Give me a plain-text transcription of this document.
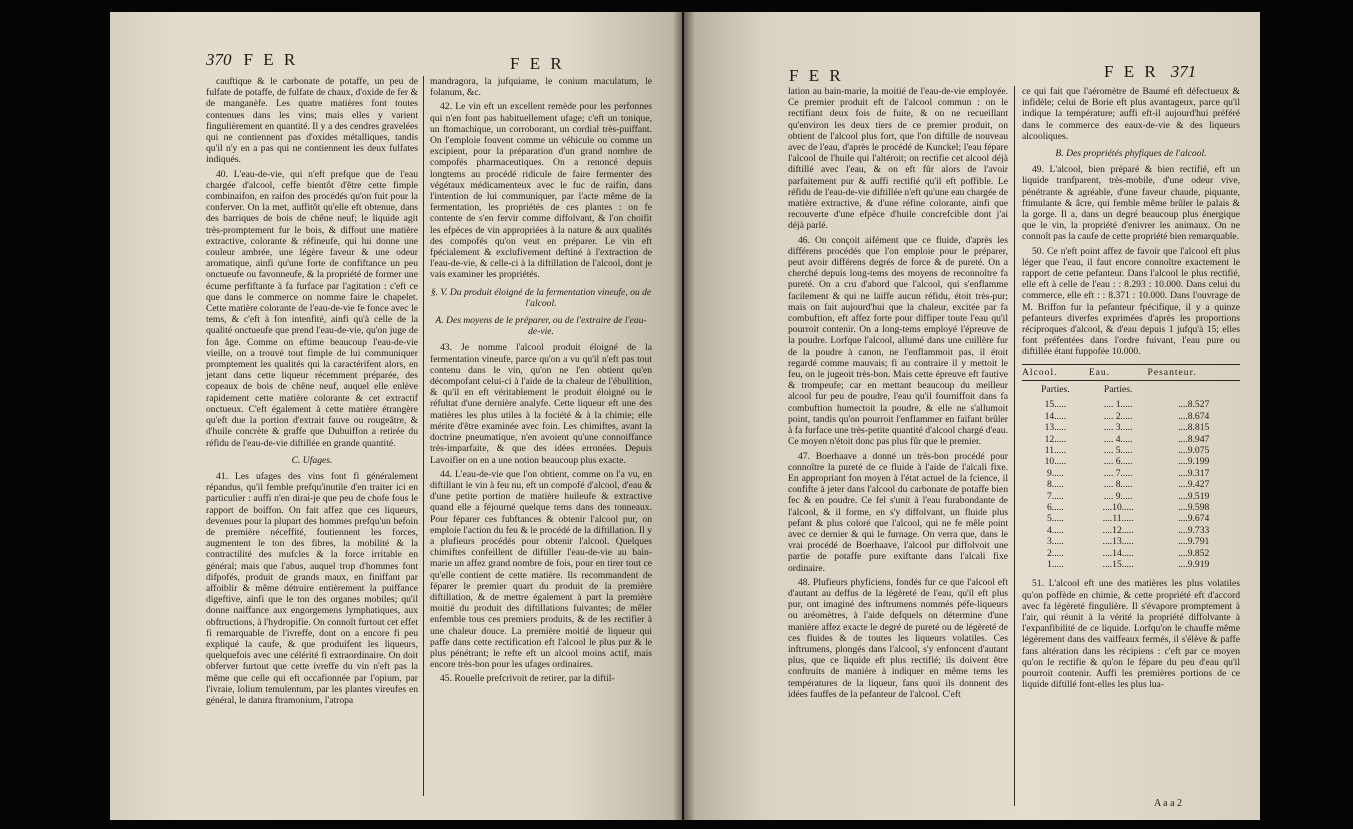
370 F E R	F E R

cauftique & le carbonate de potaffe, un peu de fulfate de potaffe, de fulfate de chaux, d'oxide de fer & de manganèfe. Les quatre matières font toutes contenues dans les vins; mais elles y varient fingulièrement en quantité. Il y a des cendres gravelées qui ne contiennent pas d'oxides métalliques, tandis qu'il n'y en a pas qui ne contiennent les deux fulfates indiqués.

40. L'eau-de-vie, qui n'eft prefque que de l'eau chargée d'alcool, ceffe bientôt d'être cette fimple combinaifon, en raifon des procédés qu'on fuit pour la conferver. On la met, auffitôt qu'elle eft obtenue, dans des barriques de bois de chêne neuf; le liquide agit très-promptement fur le bois, & diffout une matière extractive, colorante & réfineufe, qui lui donne une couleur ambrée, une légère faveur & une odeur aromatique, ainfi qu'une forte de confiftance un peu onctueufe ou favonneufe, & la propriété de former une écume perfiftante à fa furface par l'agitation : c'eft ce que dans le commerce on nomme faire le chapelet. Cette matière colorante de l'eau-de-vie fe fonce avec le tems, & c'eft à fon intenfité, ainfi qu'à celle de la qualité onctueufe que prend l'eau-de-vie, qu'on juge de fon âge. Comme on eftime beaucoup l'eau-de-vie vieille, on a trouvé tout fimple de lui communiquer promptement les qualités qui la caractérifent alors, en jetant dans cette liqueur récemment préparée, des copeaux de bois de chêne neuf, auquel elle enlève rapidement cette matière colorante & cet extractif onctueux. C'eft également à cette matière étrangère qu'eft due la portion d'extrait fauve ou rougeâtre, & d'huile concrète & graffe que Dubuiffon a retirée du réfidu de l'eau-de-vie diftillée en grande quantité.

C. Ufages.

41. Les ufages des vins font fi généralement répandus, qu'il femble prefqu'inutile d'en traiter ici en particulier : auffi n'en dirai-je que peu de chofe fous le rapport de boiffon. On fait affez que ces liqueurs, devenues pour la plupart des hommes prefqu'un befoin de première néceffité, foutiennent les forces, augmentent le ton des fibres, la mobilité & la contractilité des mufcles & la force irritable en général; mais que l'abus, auquel trop d'hommes font difpofés, produit de grands maux, en finiffant par affoiblir & même détruire entièrement la puiffance digeftive, ainfi que le ton des organes mobiles; qu'il donne naiffance aux engorgemens lymphatiques, aux obftructions, à l'hydropifie. On connoît furtout cet effet fi remarquable de l'ivreffe, dont on a encore fi peu expliqué la caufe, & que produifent les liqueurs, quelquefois avec une célérité fi extraordinaire. On doit obferver furtout que cette ivreffe du vin n'eft pas la même que celle qui eft occafionnée par l'opium, par l'ivraie, lolium temulentum, par les plantes vireufes en général, le datura ftramonium, l'atropa

mandragora, la jufquiame, le conium maculatum, le folanum, &c.

42. Le vin eft un excellent remède pour les perfonnes qui n'en font pas habituellement ufage; c'eft un tonique, un ftomachique, un corroborant, un cordial très-puiffant. On l'emploie fouvent comme un véhicule ou comme un excipient, pour la préparation d'un grand nombre de compofés pharmaceutiques. On a renoncé depuis longtems au procédé ridicule de faire fermenter des végétaux médicamenteux avec le fuc de raifin, dans l'intention de lui communiquer, par l'acte même de la fermentation, les propriétés de ces plantes : on fe contente de s'en fervir comme diffolvant, & l'on choifit les efpèces de vin appropriées à la nature & aux qualités des compofés qu'on veut en préparer. Le vin eft fpécialement & exclufivement deftiné à l'extraction de l'eau-de-vie, & celle-ci à la diftillation de l'alcool, dont je vais examiner les propriétés.

§. V. Du produit éloigné de la fermentation vineufe, ou de l'alcool.

A. Des moyens de le préparer, ou de l'extraire de l'eau-de-vie.

43. Je nomme l'alcool produit éloigné de la fermentation vineufe, parce qu'on a vu qu'il n'eft pas tout contenu dans le vin, qu'on ne l'en obtient qu'en décompofant celui-ci à l'aide de la chaleur de l'ébullition, & qu'il en eft véritablement le produit éloigné ou le réfultat d'une dernière analyfe. Cette liqueur eft une des matières les plus utiles à la fociété & à la chimie; elle mérite d'être examinée avec foin. Les chimiftes, avant la doctrine pneumatique, n'en avoient qu'une connoiffance très-imparfaite, & que des idées erronées. Depuis Lavoifier on en a une notion beaucoup plus exacte.

44. L'eau-de-vie que l'on obtient, comme on l'a vu, en diftillant le vin à feu nu, eft un compofé d'alcool, d'eau & d'une petite portion de matière huileufe & extractive quand elle a féjourné quelque tems dans des tonneaux. Pour féparer ces fubftances & obtenir l'alcool pur, on emploie l'action du feu & le procédé de la diftillation. Il y a plufieurs procédés pour obtenir l'alcool. Quelques chimiftes confeillent de diftiller l'eau-de-vie au bain-marie un affez grand nombre de fois, pour en tirer tout ce qu'elle contient de cette matière. Ils recommandent de féparer le premier quart du produit de la première diftillation, & de mettre également à part la première moitié du produit des diftillations fuivantes; de mêler enfemble tous ces premiers produits, & de les rectifier à une chaleur douce. La première moitié de liqueur qui paffe dans cette rectification eft l'alcool le plus pur & le plus pénétrant; le refte eft un alcool moins actif, mais encore très-bon pour les ufages ordinaires.

45. Rouelle prefcrivoit de retirer, par la diftil-

F E R	F E R 371

lation au bain-marie, la moitié de l'eau-de-vie employée. Ce premier produit eft de l'alcool commun : on le rectifiant deux fois de fuite, & on ne recueillant qu'environ les deux tiers de ce premier produit, on obtient de l'alcool plus fort, que l'on diftille de nouveau avec de l'eau, d'après le procédé de Kunckel; l'eau fépare l'alcool de l'huile qui l'altéroit; on rectifie cet alcool déjà diftillé avec l'eau, & on eft fûr alors de l'avoir parfaitement pur & auffi rectifié qu'il eft poffible. Le réfidu de l'eau-de-vie diftillée n'eft qu'une eau chargée de matière extractive, & d'une réfine colorante, ainfi que recouverte d'une efpèce d'huile concrefcible dont j'ai déjà parlé.

46. On conçoit aifément que ce fluide, d'après les différens procédés que l'on emploie pour le préparer, peut avoir différens degrés de force & de pureté. On a cherché depuis long-tems des moyens de reconnoître fa pureté. On a cru d'abord que l'alcool, qui s'enflamme facilement & qui ne laiffe aucun réfidu, étoit très-pur; mais on fait aujourd'hui que la chaleur, excitée par fa combuftion, eft affez forte pour diffiper toute l'eau qu'il pourroit contenir. On a long-tems employé l'épreuve de la poudre. Lorfque l'alcool, allumé dans une cuillère fur de la poudre à canon, ne l'enflammoit pas, il étoit regardé comme mauvais; fi au contraire il y mettoit le feu, on le jugeoit très-bon. Mais cette épreuve eft fautive & trompeufe; car en mettant beaucoup du meilleur alcool fur peu de poudre, l'eau qu'il fourniffoit dans fa combuftion humectoit la poudre, & elle ne s'allumoit point, tandis qu'on pourroit l'enflammer en faifant brûler à fa furface une très-petite quantité d'alcool chargé d'eau. Ce moyen n'étoit donc pas plus fûr que le premier.

47. Boerhaave a donné un très-bon procédé pour connoître la pureté de ce fluide à l'aide de l'alcali fixe. En appropriant fon moyen à l'état actuel de la fcience, il confifte à jeter dans l'alcool du carbonate de potaffe bien fec & en poudre. Ce fel s'unit à l'eau furabondante de l'alcool, & il forme, en s'y diffolvant, un fluide plus pefant & plus coloré que l'alcool, qui ne fe mêle point avec ce dernier & qui le furnage. On verra que, dans le vrai procédé de Boerhaave, l'alcool pur diffolvoit une partie de potaffe pure exiftante dans l'alcali fixe ordinaire.

48. Plufieurs phyficiens, fondés fur ce que l'alcool eft d'autant au deffus de la légèreté de l'eau, qu'il eft plus pur, ont imaginé des inftrumens nommés péfe-liqueurs ou aréomètres, à l'aide defquels on détermine d'une manière affez exacte le degré de pureté ou de légèreté de ces fluides & de toutes les liqueurs volatiles. Ces inftrumens, plongés dans l'alcool, s'y enfoncent d'autant plus, que ce liquide eft plus rectifié; ils doivent être conftruits de manière à indiquer en même tems les températures de la liqueur, fans quoi ils donnent des idées fauffes de la pefanteur de l'alcool. C'eft

ce qui fait que l'aéromètre de Baumé eft défectueux & infidèle; celui de Borie eft plus avantageux, parce qu'il indique la température; auffi eft-il aujourd'hui préféré dans le commerce des eaux-de-vie & des liqueurs alcooliques.

B. Des propriétés phyfiques de l'alcool.

49. L'alcool, bien préparé & bien rectifié, eft un liquide tranfparent, très-mobile, d'une odeur vive, pénétrante & agréable, d'une faveur chaude, piquante, ftimulante & âcre, qui femble même brûler le palais & la gorge. Il a, dans un degré beaucoup plus énergique que le vin, la propriété d'enivrer les animaux. On ne connoît pas la caufe de cette propriété bien remarquable.

50. Ce n'eft point affez de favoir que l'alcool eft plus léger que l'eau, il faut encore connoître exactement le rapport de cette pefanteur. Dans l'alcool le plus rectifié, elle eft à celle de l'eau : : 8.293 : 10.000. Dans celui du commerce, elle eft : : 8.371 : 10.000. Dans l'ouvrage de M. Briffon fur la pefanteur fpécifique, il y a quinze pefanteurs diverfes exprimées d'après les proportions réciproques d'alcool, & d'eau depuis 1 jufqu'à 15; elles font préfentées dans l'ordre fuivant, l'eau pure ou diftillée étant fuppofée 10.000.

Alcool.	Eau.	Pesanteur.
Parties.	Parties.	
15.....	.... 1.....	....8.527
14.....	.... 2.....	....8.674
13.....	.... 3.....	....8.815
12.....	.... 4.....	....8.947
11.....	.... 5.....	....9.075
10.....	.... 6.....	....9.199
9.....	.... 7.....	....9.317
8.....	.... 8.....	....9.427
7.....	.... 9.....	....9.519
6.....	....10.....	....9.598
5.....	....11.....	....9.674
4.....	....12.....	....9.733
3.....	....13.....	....9.791
2.....	....14.....	....9.852
1.....	....15.....	....9.919

51. L'alcool eft une des matières les plus volatiles qu'on poffède en chimie, & cette propriété eft d'accord avec fa légèreté fingulière. Il s'évapore promptement à l'air, qui réunit à la vérité la propriété diffolvante à l'expanfibilité de ce liquide. Lorfqu'on le chauffe même légèrement dans des vaiffeaux fermés, il s'élève & paffe fans altération dans les récipiens : c'eft par ce moyen qu'on le rectifie & qu'on le fépare du peu d'eau qu'il pourroit contenir. Auffi les premières portions de ce liquide diftillé font-elles les plus lua-

A a a 2
